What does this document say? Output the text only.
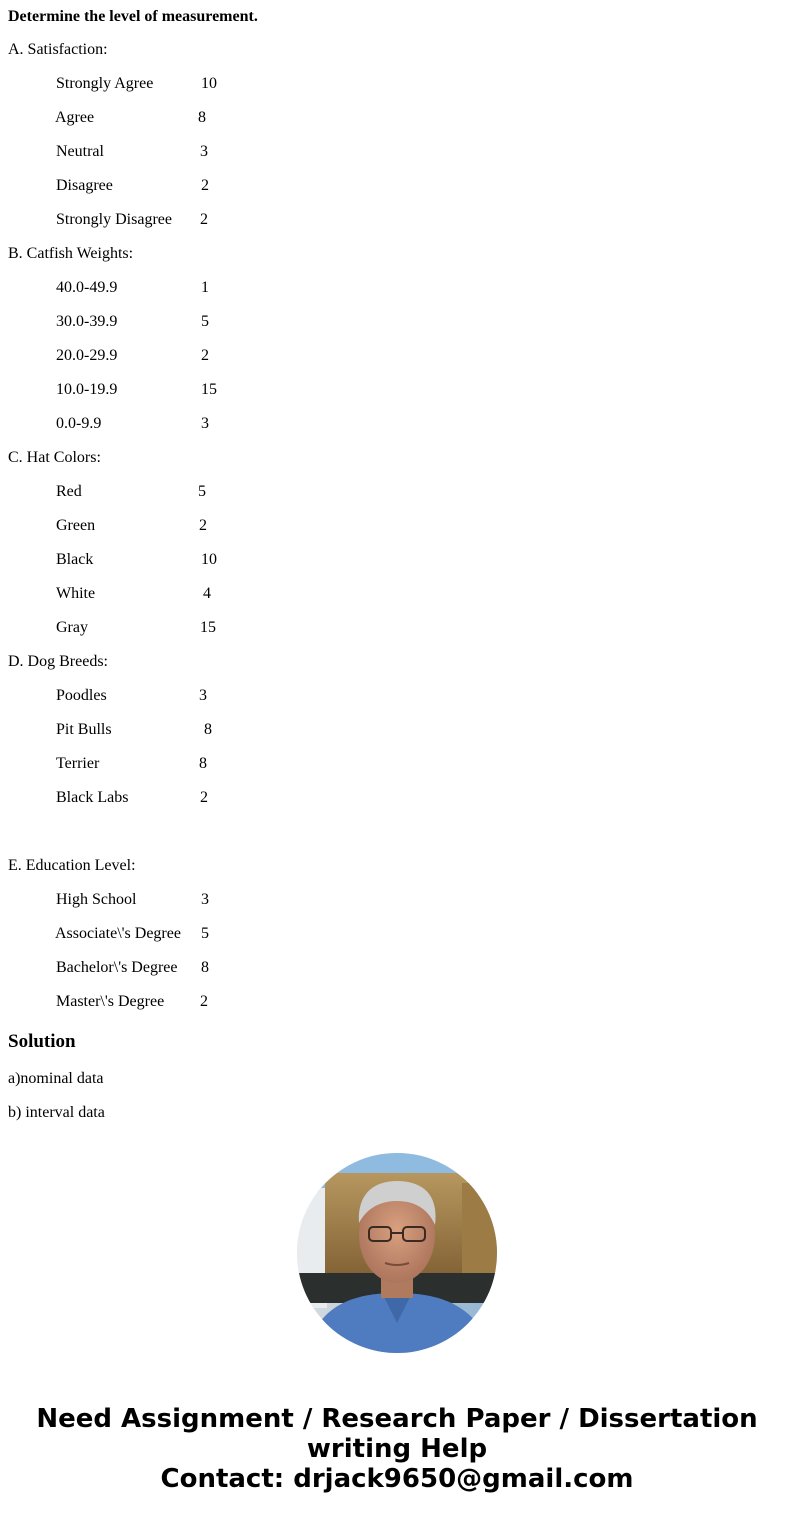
Determine the level of measurement.
A. Satisfaction:
Strongly Agree	10
Agree	8
Neutral	3
Disagree	2
Strongly Disagree 2
B. Catfish Weights:
40.0-49.9	1
30.0-39.9	5
20.0-29.9	2
10.0-19.9	15
0.0-9.9	3
C. Hat Colors:
Red	5
Green	2
Black	10
White	4
Gray	15
D. Dog Breeds:
Poodles	3
Pit Bulls	8
Terrier	8
Black Labs	2
E. Education Level:
High School	3
Associate\'s Degree 5
Bachelor\'s Degree 8
Master\'s Degree 2
Solution
a)nominal data
b) interval data
Need Assignment / Research Paper / Dissertation
writing Help
Contact: drjack9650@gmail.com
